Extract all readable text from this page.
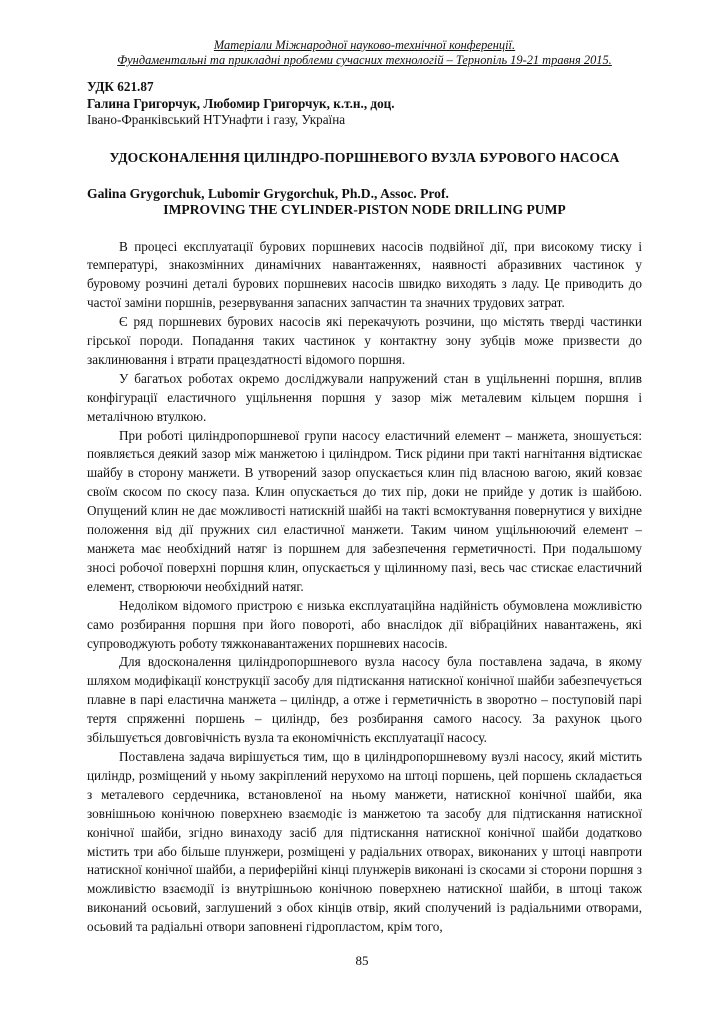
Матеріали Міжнародної науково-технічної конференції.
Фундаментальні та прикладні проблеми сучасних технологій – Тернопіль 19-21 травня 2015.
УДК 621.87
Галина Григорчук, Любомир Григорчук, к.т.н., доц.
Івано-Франківський НТУнафти і газу, Україна
УДОСКОНАЛЕННЯ ЦИЛІНДРО-ПОРШНЕВОГО ВУЗЛА БУРОВОГО НАСОСА
Galina Grygorchuk, Lubomir Grygorchuk, Ph.D., Assoc. Prof.
IMPROVING THE CYLINDER-PISTON NODE DRILLING PUMP

В процесі експлуатації бурових поршневих насосів подвійної дії, при високому тиску і температурі, знакозмінних динамічних навантаженнях, наявності абразивних частинок у буровому розчині деталі бурових поршневих насосів швидко виходять з ладу. Це приводить до частої заміни поршнів, резервування запасних запчастин та значних трудових затрат.

Є ряд поршневих бурових насосів які перекачують розчини, що містять тверді частинки гірської породи. Попадання таких частинок у контактну зону зубців може призвести до заклинювання і втрати працездатності відомого поршня.

У багатьох роботах окремо досліджували напружений стан в ущільненні поршня, вплив конфігурації еластичного ущільнення поршня у зазор між металевим кільцем поршня і металічною втулкою.

При роботі циліндропоршневої групи насосу еластичний елемент – манжета, зношується: появляється деякий зазор між манжетою і циліндром. Тиск рідини при такті нагнітання відтискає шайбу в сторону манжети. В утворений зазор опускається клин під власною вагою, який ковзає своїм скосом по скосу паза. Клин опускається до тих пір, доки не прийде у дотик із шайбою. Опущений клин не дає можливості натискній шайбі на такті всмоктування повернутися у вихідне положення від дії пружних сил еластичної манжети. Таким чином ущільнюючий елемент – манжета має необхідний натяг із поршнем для забезпечення герметичності. При подальшому зносі робочої поверхні поршня клин, опускається у щілинному пазі, весь час стискає еластичний елемент, створюючи необхідний натяг.

Недоліком відомого пристрою є низька експлуатаційна надійність обумовлена можливістю само розбирання поршня при його повороті, або внаслідок дії вібраційних навантажень, які супроводжують роботу тяжконавантажених поршневих насосів.

Для вдосконалення циліндропоршневого вузла насосу була поставлена задача, в якому шляхом модифікації конструкції засобу для підтискання натискної конічної шайби забезпечується плавне в парі еластична манжета – циліндр, а отже і герметичність в зворотно – поступовій парі тертя спряженні поршень – циліндр, без розбирання самого насосу. За рахунок цього збільшується довговічність вузла та економічність експлуатації насосу.

Поставлена задача вирішується тим, що в циліндропоршневому вузлі насосу, який містить циліндр, розміщений у ньому закріплений нерухомо на штоці поршень, цей поршень складається з металевого сердечника, встановленої на ньому манжети, натискної конічної шайби, яка зовнішньою конічною поверхнею взаємодіє із манжетою та засобу для підтискання натискної конічної шайби, згідно винаходу засіб для підтискання натискної конічної шайби додатково містить три або більше плунжери, розміщені у радіальних отворах, виконаних у штоці навпроти натискної конічної шайби, а периферійні кінці плунжерів виконані із скосами зі сторони поршня з можливістю взаємодії із внутрішньою конічною поверхнею натискної шайби, в штоці також виконаний осьовий, заглушений з обох кінців отвір, який сполучений із радіальними отворами, осьовий та радіальні отвори заповнені гідропластом, крім того,

85
